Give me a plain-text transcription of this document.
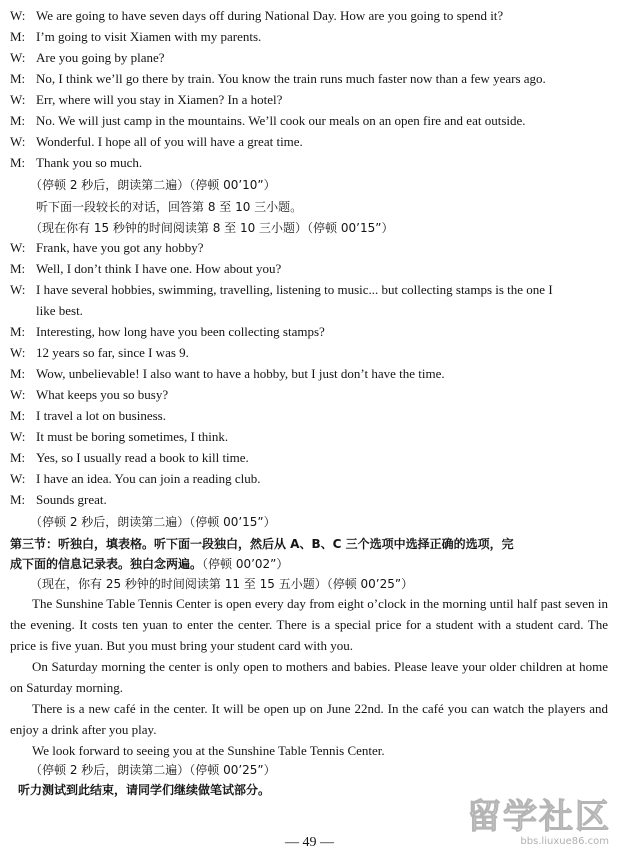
W: We are going to have seven days off during National Day. How are you going to spend it?
M: I’m going to visit Xiamen with my parents.
W: Are you going by plane?
M: No, I think we’ll go there by train. You know the train runs much faster now than a few years ago.
W: Err, where will you stay in Xiamen? In a hotel?
M: No. We will just camp in the mountains. We’ll cook our meals on an open fire and eat outside.
W: Wonderful. I hope all of you will have a great time.
M: Thank you so much.
（停顿 2 秒后，朗读第二遍）（停顿 00’10”）
听下面一段较长的对话，回答第 8 至 10 三小题。
（现在你有 15 秒钟的时间阅读第 8 至 10 三小题）（停顿 00’15”）
W: Frank, have you got any hobby?
M: Well, I don’t think I have one. How about you?
W: I have several hobbies, swimming, travelling, listening to music... but collecting stamps is the one I
like best.
M: Interesting, how long have you been collecting stamps?
W: 12 years so far, since I was 9.
M: Wow, unbelievable! I also want to have a hobby, but I just don’t have the time.
W: What keeps you so busy?
M: I travel a lot on business.
W: It must be boring sometimes, I think.
M: Yes, so I usually read a book to kill time.
W: I have an idea. You can join a reading club.
M: Sounds great.
（停顿 2 秒后，朗读第二遍）（停顿 00’15”）
第三节：听独白，填表格。听下面一段独白，然后从 A、B、C 三个选项中选择正确的选项，完
成下面的信息记录表。独白念两遍。（停顿 00’02”）
（现在，你有 25 秒钟的时间阅读第 11 至 15 五小题）（停顿 00’25”）
The Sunshine Table Tennis Center is open every day from eight o’clock in the morning until half past seven in the evening. It costs ten yuan to enter the center. There is a special price for a student with a student card. The price is five yuan. But you must bring your student card with you.
On Saturday morning the center is only open to mothers and babies. Please leave your older children at home on Saturday morning.
There is a new café in the center. It will be open up on June 22nd. In the café you can watch the players and enjoy a drink after you play.
We look forward to seeing you at the Sunshine Table Tennis Center.
（停顿 2 秒后，朗读第二遍）（停顿 00’25”）
听力测试到此结束，请同学们继续做笔试部分。
留学社区
bbs.liuxue86.com
— 49 —
